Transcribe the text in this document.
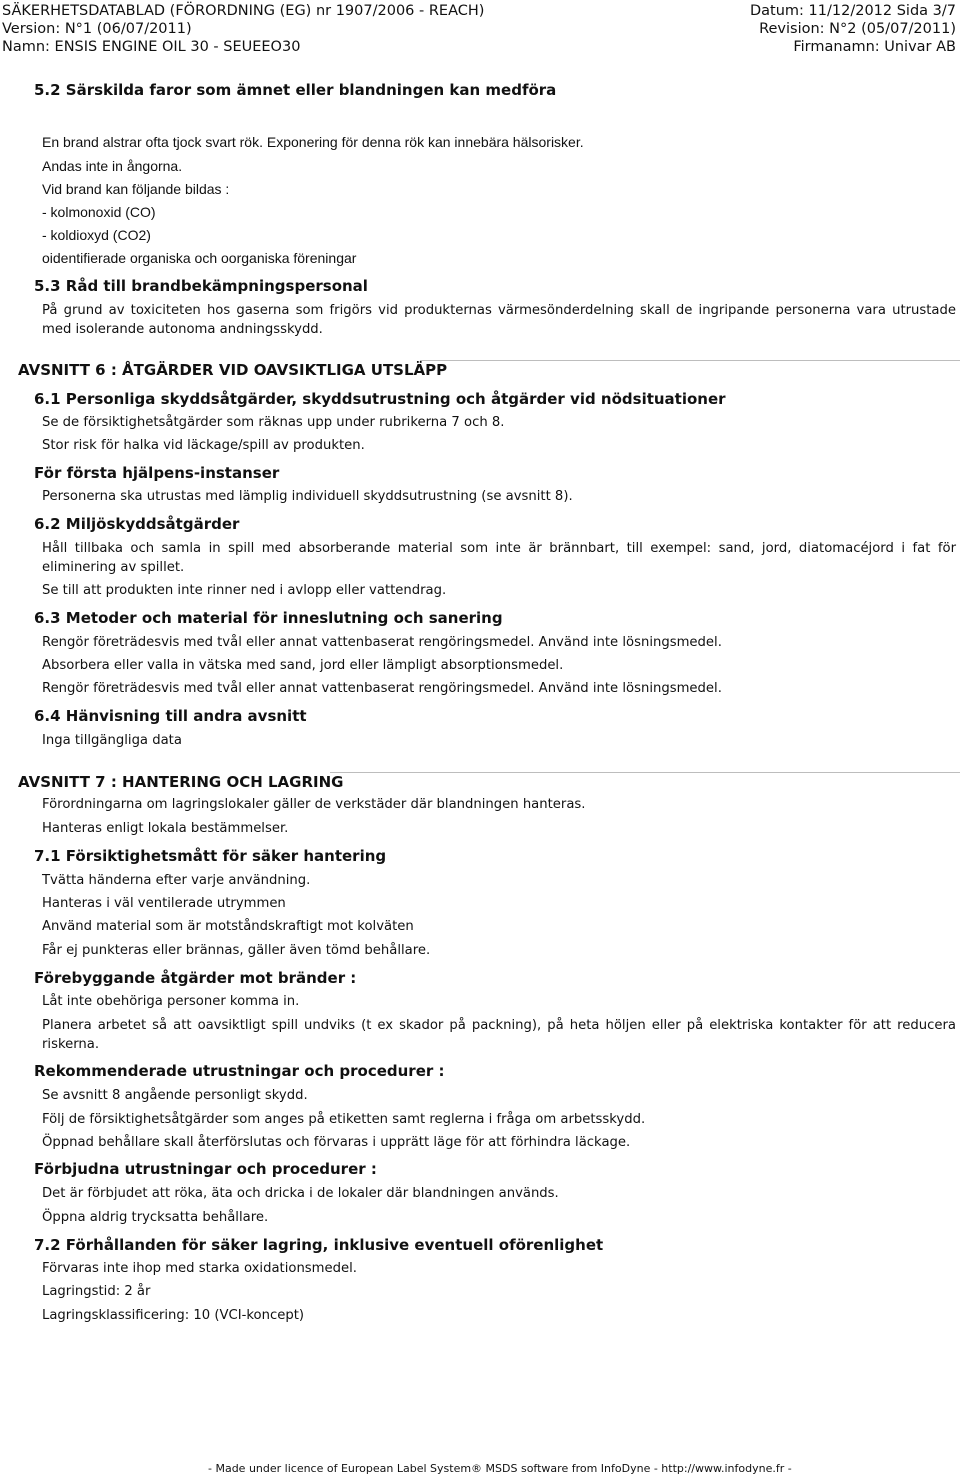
SÄKERHETSDATABLAD (FÖRORDNING (EG) nr 1907/2006 - REACH)
Version: N°1 (06/07/2011)
Namn: ENSIS ENGINE OIL 30 - SEUEEO30
Datum: 11/12/2012 Sida 3/7
Revision: N°2 (05/07/2011)
Firmanamn: Univar AB
5.2 Särskilda faror som ämnet eller blandningen kan medföra
En brand alstrar ofta tjock svart rök. Exponering för denna rök kan innebära hälsorisker.
Andas inte in ångorna.
Vid brand kan följande bildas :
- kolmonoxid (CO)
- koldioxyd (CO2)
oidentifierade organiska och oorganiska föreningar
5.3 Råd till brandbekämpningspersonal
På grund av toxiciteten hos gaserna som frigörs vid produkternas värmesönderdelning skall de ingripande personerna vara utrustade med isolerande autonoma andningsskydd.
AVSNITT 6 : ÅTGÄRDER VID OAVSIKTLIGA UTSLÄPP
6.1 Personliga skyddsåtgärder, skyddsutrustning och åtgärder vid nödsituationer
Se de försiktighetsåtgärder som räknas upp under rubrikerna 7 och 8.
Stor risk för halka vid läckage/spill av produkten.
För första hjälpens-instanser
Personerna ska utrustas med lämplig individuell skyddsutrustning (se avsnitt 8).
6.2 Miljöskyddsåtgärder
Håll tillbaka och samla in spill med absorberande material som inte är brännbart, till exempel: sand, jord, diatomacéjord i fat för eliminering av spillet.
Se till att produkten inte rinner ned i avlopp eller vattendrag.
6.3 Metoder och material för inneslutning och sanering
Rengör företrädesvis med tvål eller annat vattenbaserat rengöringsmedel. Använd inte lösningsmedel.
Absorbera eller valla in vätska med sand, jord eller lämpligt absorptionsmedel.
Rengör företrädesvis med tvål eller annat vattenbaserat rengöringsmedel. Använd inte lösningsmedel.
6.4 Hänvisning till andra avsnitt
Inga tillgängliga data
AVSNITT 7 : HANTERING OCH LAGRING
Förordningarna om lagringslokaler gäller de verkstäder där blandningen hanteras.
Hanteras enligt lokala bestämmelser.
7.1 Försiktighetsmått för säker hantering
Tvätta händerna efter varje användning.
Hanteras i väl ventilerade utrymmen
Använd material som är motståndskraftigt mot kolväten
Får ej punkteras eller brännas, gäller även tömd behållare.
Förebyggande åtgärder mot bränder :
Låt inte obehöriga personer komma in.
Planera arbetet så att oavsiktligt spill undviks (t ex skador på packning), på heta höljen eller på elektriska kontakter för att reducera riskerna.
Rekommenderade utrustningar och procedurer :
Se avsnitt 8 angående personligt skydd.
Följ de försiktighetsåtgärder som anges på etiketten samt reglerna i fråga om arbetsskydd.
Öppnad behållare skall återförslutas och förvaras i upprätt läge för att förhindra läckage.
Förbjudna utrustningar och procedurer :
Det är förbjudet att röka, äta och dricka i de lokaler där blandningen används.
Öppna aldrig trycksatta behållare.
7.2 Förhållanden för säker lagring, inklusive eventuell oförenlighet
Förvaras inte ihop med starka oxidationsmedel.
Lagringstid: 2 år
Lagringsklassificering: 10 (VCI-koncept)
- Made under licence of European Label System® MSDS software from InfoDyne - http://www.infodyne.fr -
